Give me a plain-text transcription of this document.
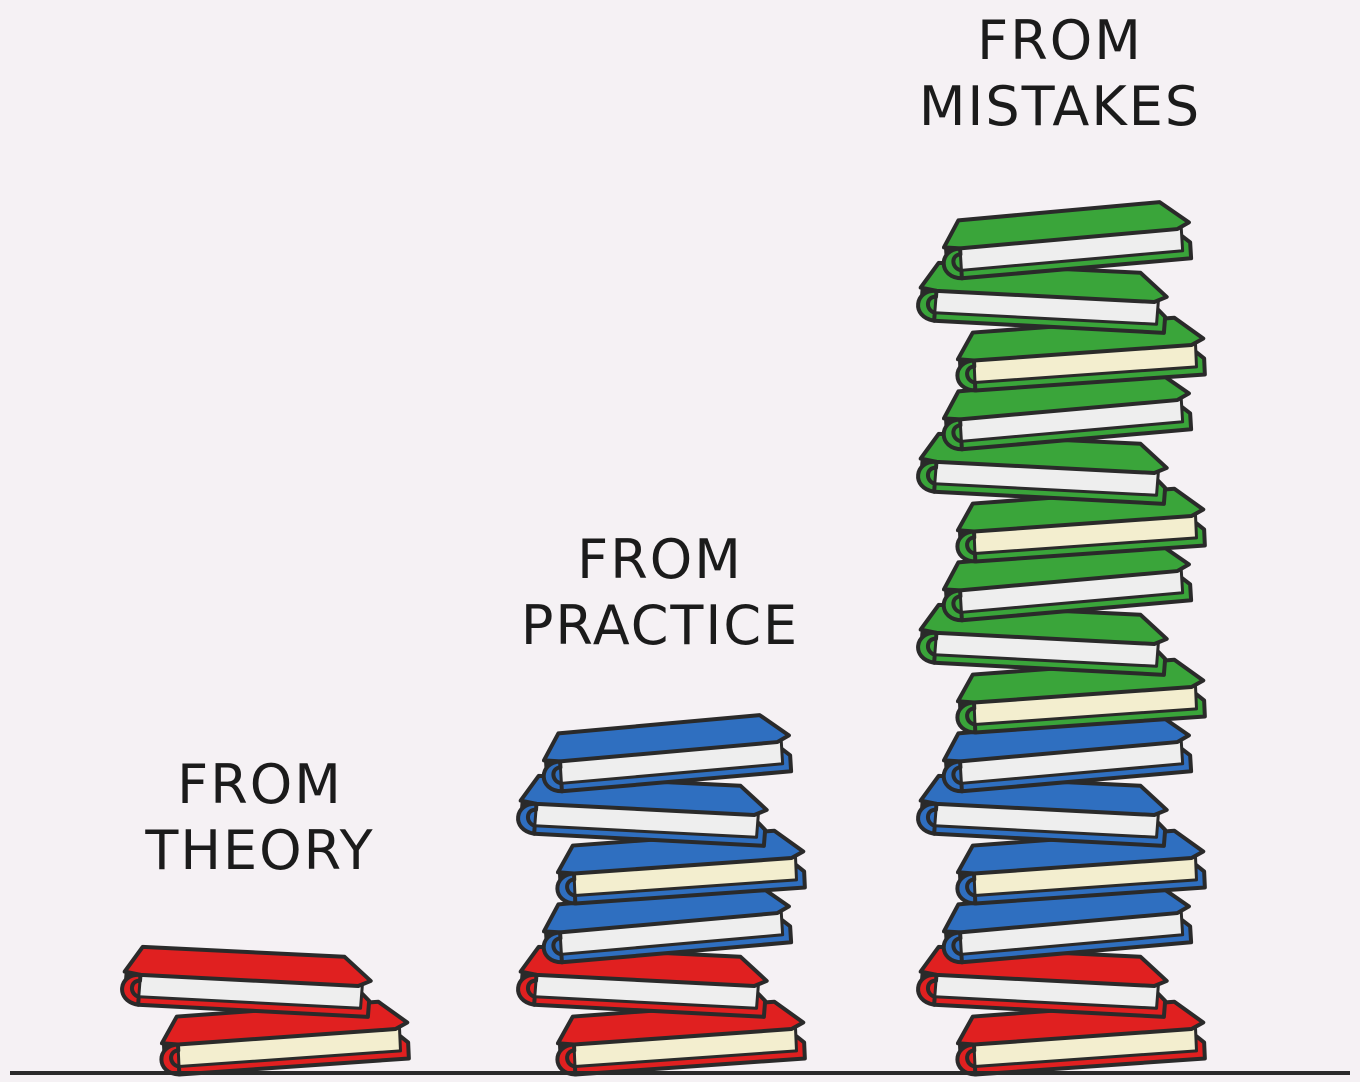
FROM
THEORY
FROM
PRACTICE
FROM
MISTAKES
